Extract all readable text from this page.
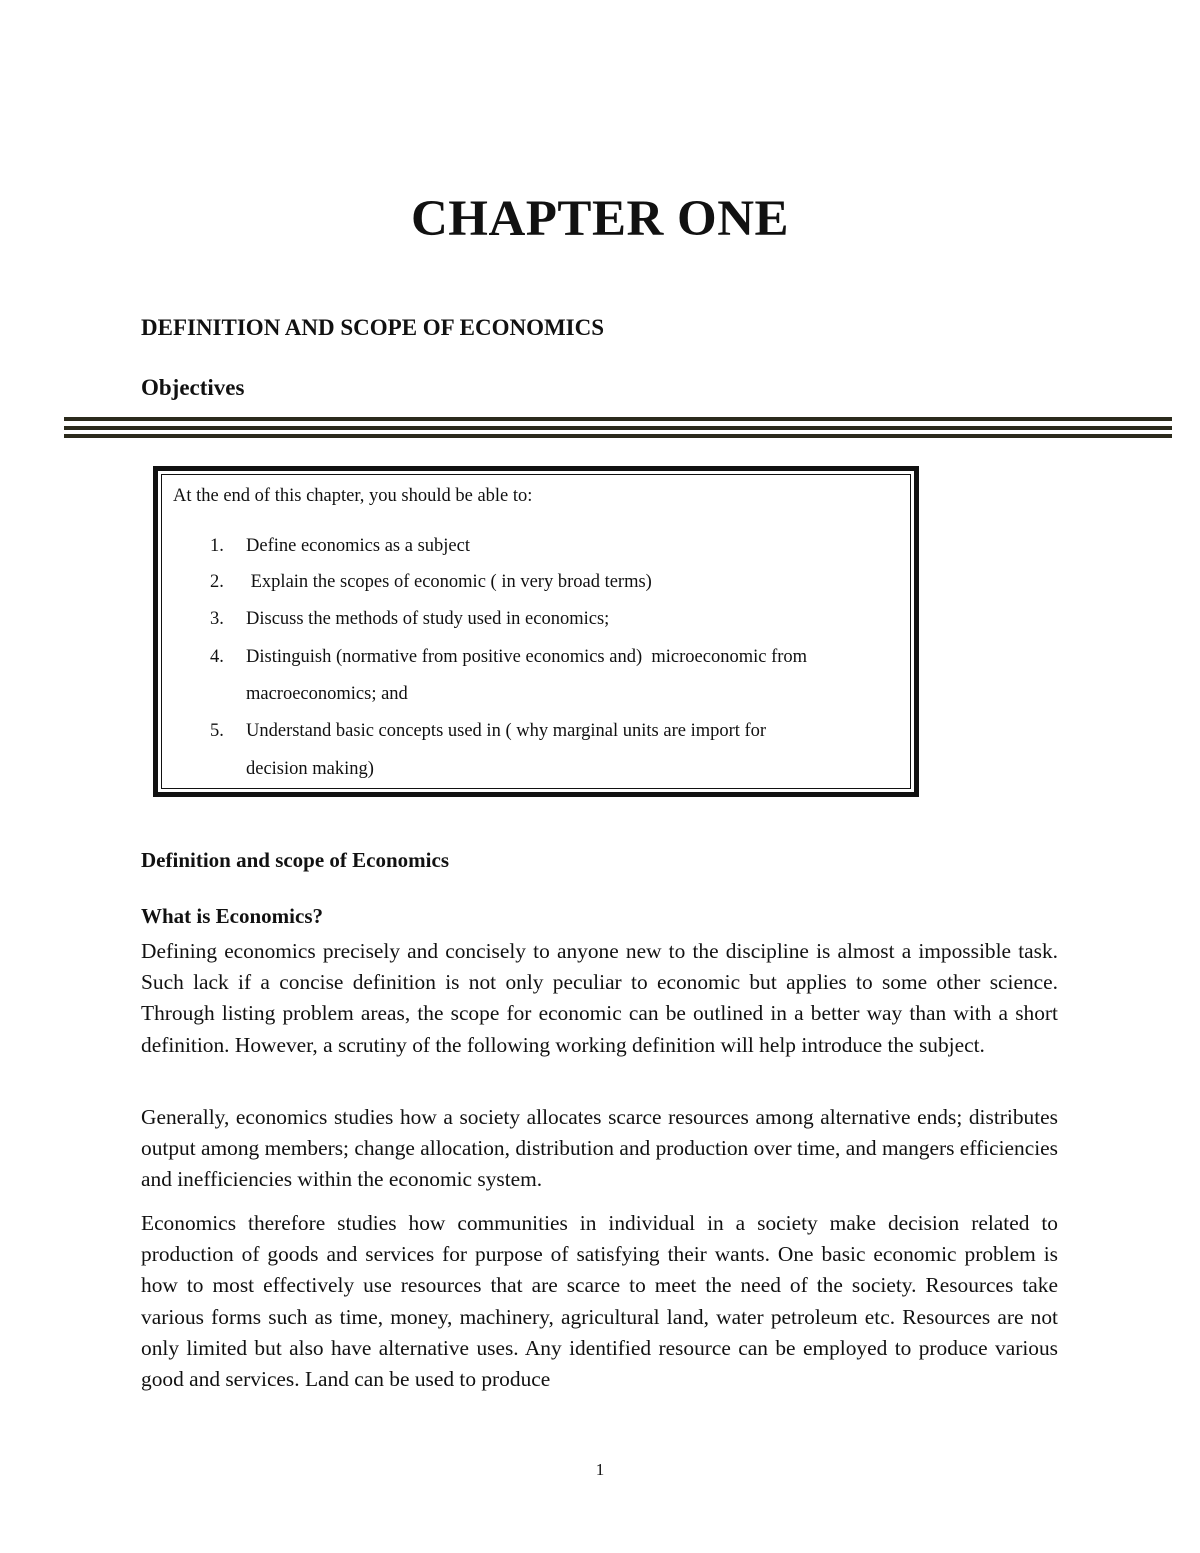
CHAPTER ONE
DEFINITION AND SCOPE OF ECONOMICS
Objectives
At the end of this chapter, you should be able to:
1. Define economics as a subject
2. Explain the scopes of economic ( in very broad terms)
3. Discuss the methods of study used in economics;
4. Distinguish (normative from positive economics and)  microeconomic from
macroeconomics; and
5. Understand basic concepts used in ( why marginal units are import for
decision making)
Definition and scope of Economics
What is Economics?
Defining economics precisely and concisely to anyone new to the discipline is almost a impossible task. Such lack if a concise definition is not only peculiar to economic but applies to some other science. Through listing problem areas, the scope for economic can be outlined in a better way than with a short definition. However, a scrutiny of the following working definition will help introduce the subject.
Generally, economics studies how a society allocates scarce resources among alternative ends; distributes output among members; change allocation, distribution and production over time, and mangers efficiencies and inefficiencies within the economic system.
Economics therefore studies how communities in individual in a society make decision related to production of goods and services for purpose of satisfying their wants. One basic economic problem is how to most effectively use resources that are scarce to meet the need of the society. Resources take various forms such as time, money, machinery, agricultural land, water petroleum etc. Resources are not only limited but also have alternative uses. Any identified resource can be employed to produce various good and services. Land can be used to produce
1
